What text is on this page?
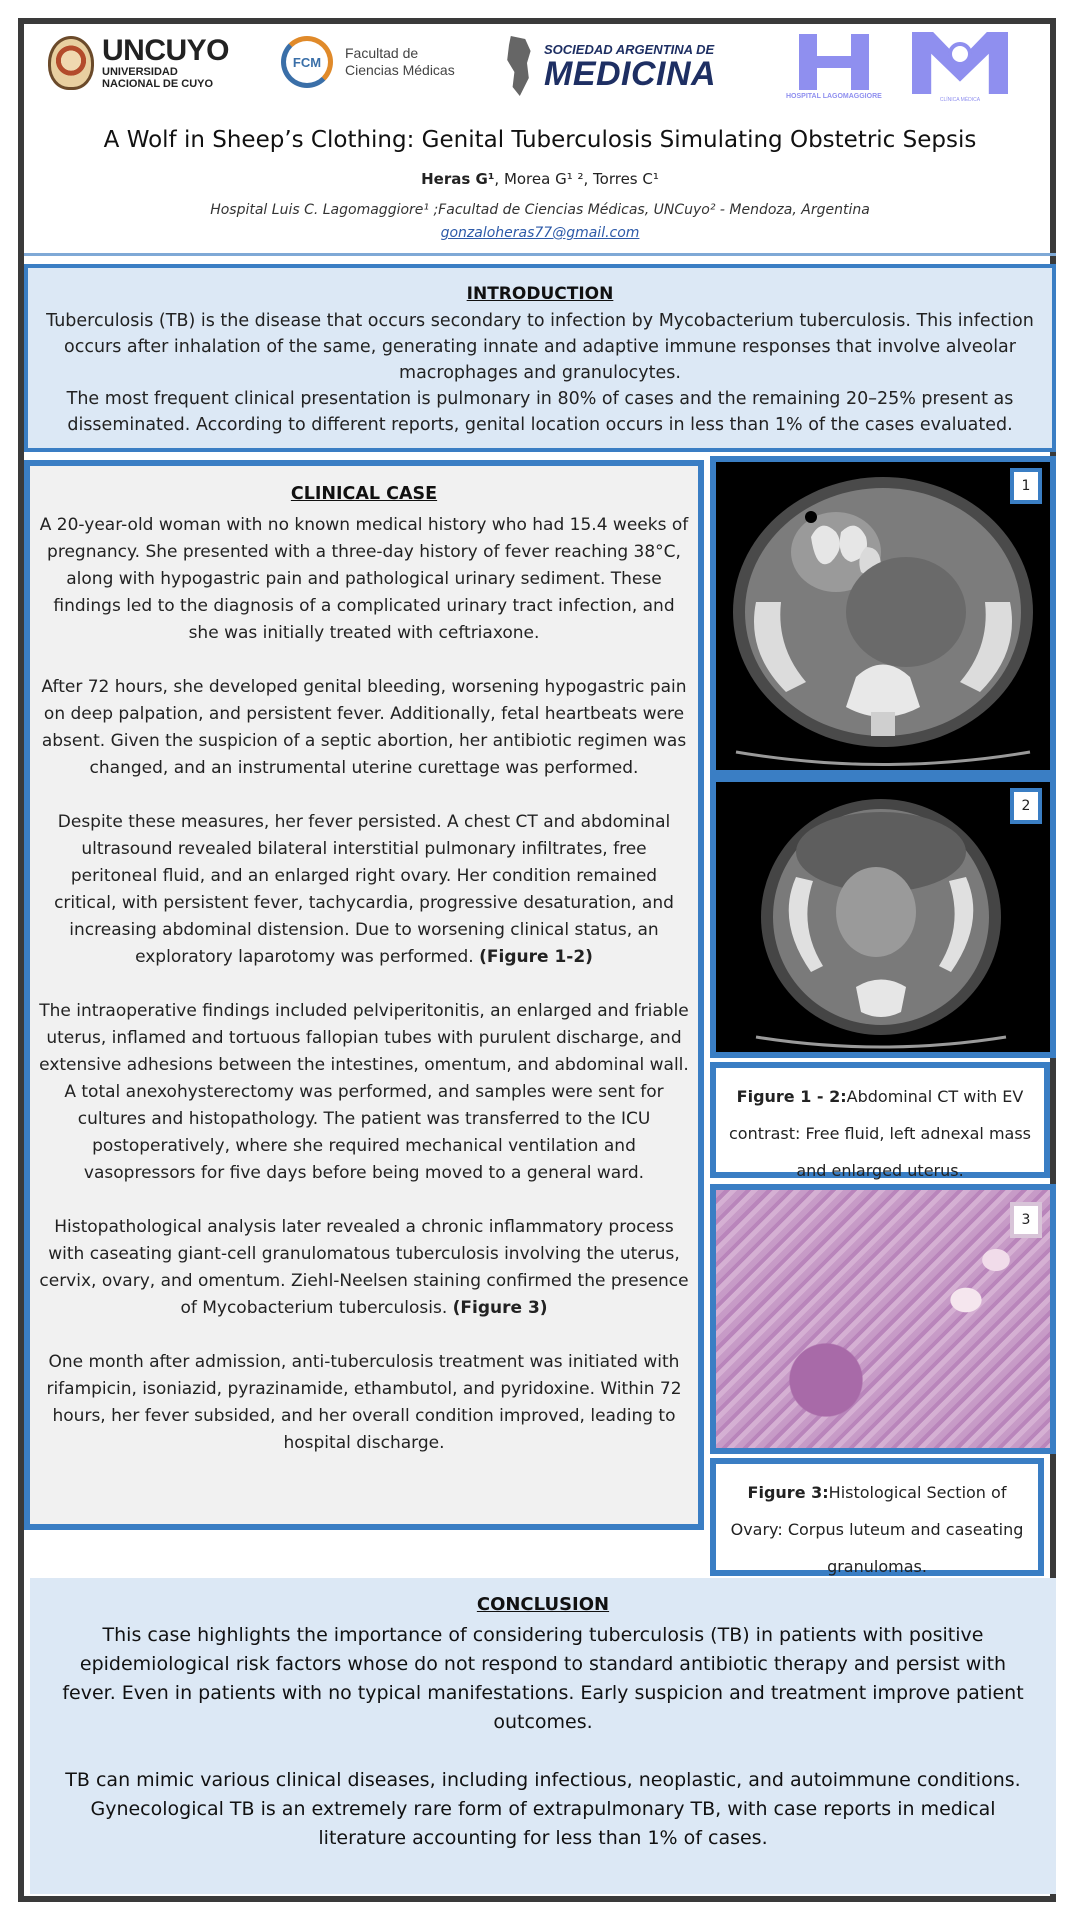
UNCUYO
UNIVERSIDAD
NACIONAL DE CUYO
FCM
Facultad de
Ciencias Médicas
SOCIEDAD ARGENTINA DE
MEDICINA
HOSPITAL LAGOMAGGIORE	CLÍNICA MÉDICA
A Wolf in Sheep’s Clothing: Genital Tuberculosis Simulating Obstetric Sepsis
Heras G¹, Morea G¹ ², Torres C¹
Hospital Luis C. Lagomaggiore¹ ;Facultad de Ciencias Médicas, UNCuyo² - Mendoza, Argentina
gonzaloheras77@gmail.com
INTRODUCTION

Tuberculosis (TB) is the disease that occurs secondary to infection by Mycobacterium tuberculosis. This infection occurs after inhalation of the same, generating innate and adaptive immune responses that involve alveolar macrophages and granulocytes.

The most frequent clinical presentation is pulmonary in 80% of cases and the remaining 20–25% present as disseminated. According to different reports, genital location occurs in less than 1% of the cases evaluated.

CLINICAL CASE

A 20-year-old woman with no known medical history who had 15.4 weeks of pregnancy. She presented with a three-day history of fever reaching 38°C, along with hypogastric pain and pathological urinary sediment. These findings led to the diagnosis of a complicated urinary tract infection, and she was initially treated with ceftriaxone.

After 72 hours, she developed genital bleeding, worsening hypogastric pain on deep palpation, and persistent fever. Additionally, fetal heartbeats were absent. Given the suspicion of a septic abortion, her antibiotic regimen was changed, and an instrumental uterine curettage was performed.

Despite these measures, her fever persisted. A chest CT and abdominal ultrasound revealed bilateral interstitial pulmonary infiltrates, free peritoneal fluid, and an enlarged right ovary. Her condition remained critical, with persistent fever, tachycardia, progressive desaturation, and increasing abdominal distension. Due to worsening clinical status, an exploratory laparotomy was performed. (Figure 1-2)

The intraoperative findings included pelviperitonitis, an enlarged and friable uterus, inflamed and tortuous fallopian tubes with purulent discharge, and extensive adhesions between the intestines, omentum, and abdominal wall. A total anexohysterectomy was performed, and samples were sent for cultures and histopathology. The patient was transferred to the ICU postoperatively, where she required mechanical ventilation and vasopressors for five days before being moved to a general ward.

Histopathological analysis later revealed a chronic inflammatory process with caseating giant-cell granulomatous tuberculosis involving the uterus, cervix, ovary, and omentum. Ziehl-Neelsen staining confirmed the presence of Mycobacterium tuberculosis. (Figure 3)

One month after admission, anti-tuberculosis treatment was initiated with rifampicin, isoniazid, pyrazinamide, ethambutol, and pyridoxine. Within 72 hours, her fever subsided, and her overall condition improved, leading to hospital discharge.

1
2
Figure 1 - 2:Abdominal CT with EV contrast: Free fluid, left adnexal mass and enlarged uterus.
3
Figure 3:Histological Section of Ovary: Corpus luteum and caseating granulomas.
CONCLUSION

This case highlights the importance of considering tuberculosis (TB) in patients with positive epidemiological risk factors whose do not respond to standard antibiotic therapy and persist with fever. Even in patients with no typical manifestations. Early suspicion and treatment improve patient outcomes.

TB can mimic various clinical diseases, including infectious, neoplastic, and autoimmune conditions. Gynecological TB is an extremely rare form of extrapulmonary TB, with case reports in medical literature accounting for less than 1% of cases.
